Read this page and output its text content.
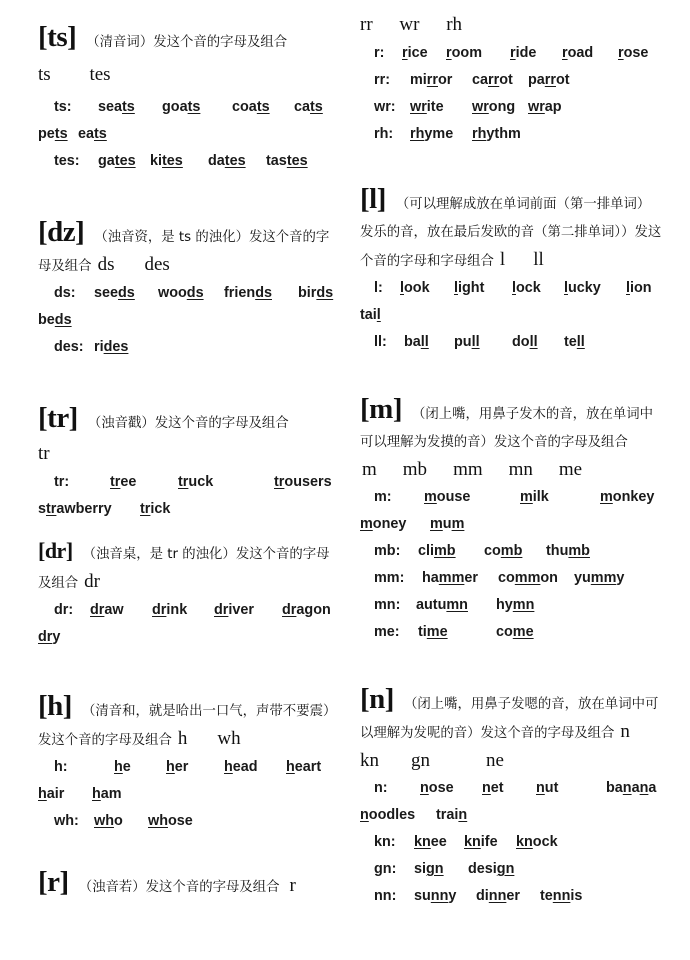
[ts] （清音词）发这个音的字母及组合
ts tes
ts:	seats	goats	coats	cats
pets eats
tes:	gates kites	dates	tastes
[dz] （浊音资，是 ts 的浊化）发这个音的字母及组合 ds des
ds:	seeds	woods	friends	birds
beds
des: rides
[tr] （浊音戳）发这个音的字母及组合
tr
tr:	tree	truck	trousers
strawberry	trick
[dr] （浊音桌，是 tr 的浊化）发这个音的字母及组合 dr
dr:	draw	drink	driver	dragon
dry
[h] （清音和，就是哈出一口气，声带不要震）发这个音的字母及组合 h wh
h:	he	her	head	heart
hair	ham
wh:	who	whose
[r] （浊音若）发这个音的字母及组合 r
rr wr rh
r:	rice	room	ride	road	rose
rr:	mirror	carrot	parrot
wr:	write	wrong wrap
rh:	rhyme	rhythm
[l] （可以理解成放在单词前面（第一排单词）发乐的音，放在最后发欧的音（第二排单词））发这个音的字母和字母组合 l ll
l:	look	light	lock	lucky	lion
tail
ll:	ball	pull	doll	tell
[m] （闭上嘴，用鼻子发木的音，放在单词中可以理解为发摸的音）发这个音的字母及组合 m mb mm mn me
m:	mouse	milk	monkey
money	mum
mb:	climb	comb	thumb
mm:	hammer	common	yummy
mn:	autumn	hymn
me:	time	come
[n] （闭上嘴，用鼻子发嗯的音，放在单词中可以理解为发呢的音）发这个音的字母及组合 n kn gn	ne
n:	nose	net	nut	banana
noodles	train
kn:	knee	knife	knock
gn:	sign	design
nn:	sunny	dinner	tennis
